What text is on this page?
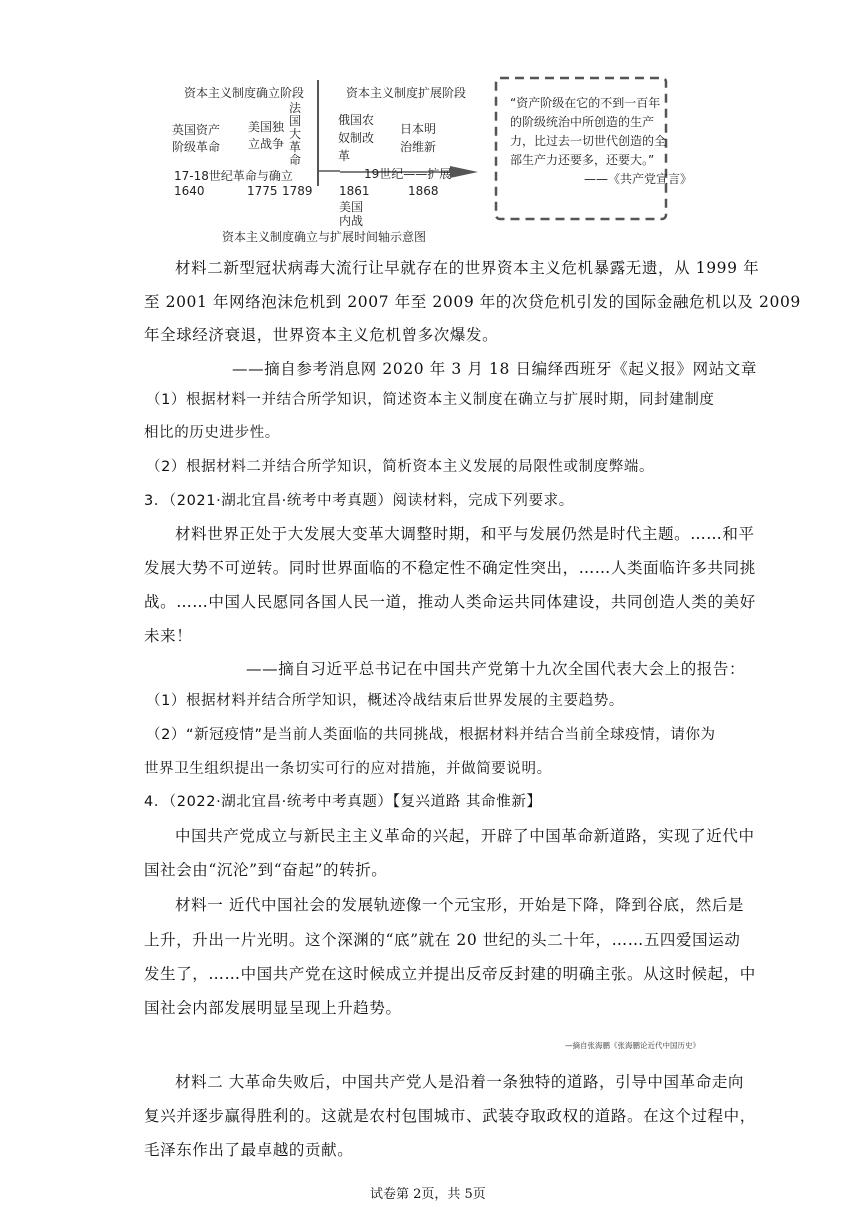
资本主义制度确立阶段	资本主义制度扩展阶段
英国资产
阶级革命
美国独
立战争
法
国
大
革
命
17-18世纪革命与确立
1640	1775 1789
俄国农
奴制改
革
日本明
治维新
19世纪——扩展
1861
美国
内战
1868
资本主义制度确立与扩展时间轴示意图
“资产阶级在它的不到一百年
的阶级统治中所创造的生产
力，比过去一切世代创造的全
部生产力还要多，还要大。”
——《共产党宣言》
材料二新型冠状病毒大流行让早就存在的世界资本主义危机暴露无遗，从 1999 年
至 2001 年网络泡沫危机到 2007 年至 2009 年的次贷危机引发的国际金融危机以及 2009
年全球经济衰退，世界资本主义危机曾多次爆发。
——摘自参考消息网 2020 年 3 月 18 日编绎西班牙《起义报》网站文章
（1）根据材料一并结合所学知识，简述资本主义制度在确立与扩展时期，同封建制度
相比的历史进步性。
（2）根据材料二并结合所学知识，简析资本主义发展的局限性或制度弊端。
3．（2021·湖北宜昌·统考中考真题）阅读材料，完成下列要求。
材料世界正处于大发展大变革大调整时期，和平与发展仍然是时代主题。……和平
发展大势不可逆转。同时世界面临的不稳定性不确定性突出，……人类面临许多共同挑
战。……中国人民愿同各国人民一道，推动人类命运共同体建设，共同创造人类的美好
未来！
——摘自习近平总书记在中国共产党第十九次全国代表大会上的报告：
（1）根据材料并结合所学知识，概述冷战结束后世界发展的主要趋势。
（2）“新冠疫情”是当前人类面临的共同挑战，根据材料并结合当前全球疫情，请你为
世界卫生组织提出一条切实可行的应对措施，并做简要说明。
4．（2022·湖北宜昌·统考中考真题）【复兴道路 其命惟新】
中国共产党成立与新民主主义革命的兴起，开辟了中国革命新道路，实现了近代中
国社会由“沉沦”到“奋起”的转折。
材料一 近代中国社会的发展轨迹像一个元宝形，开始是下降，降到谷底，然后是
上升，升出一片光明。这个深渊的“底”就在 20 世纪的头二十年，……五四爱国运动
发生了，……中国共产党在这时候成立并提出反帝反封建的明确主张。从这时候起，中
国社会内部发展明显呈现上升趋势。
—摘自张海鹏《张海鹏论近代中国历史》
材料二 大革命失败后，中国共产党人是沿着一条独特的道路，引导中国革命走向
复兴并逐步赢得胜利的。这就是农村包围城市、武装夺取政权的道路。在这个过程中，
毛泽东作出了最卓越的贡献。
试卷第 2页，共 5页
